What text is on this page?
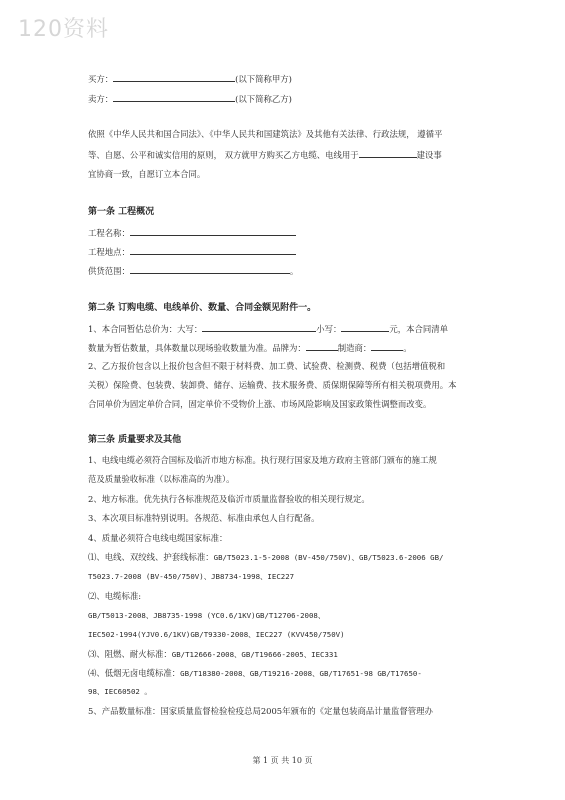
120资料
买方：	(以下简称甲方)
卖方：	(以下简称乙方)
依照《中华人民共和国合同法》、《中华人民共和国建筑法》及其他有关法律、行政法规， 遵循平
等、自愿、公平和诚实信用的原则， 双方就甲方购买乙方电缆、电线用于	建设事
宜协商一致，自愿订立本合同。
第一条 工程概况
工程名称：
工程地点：
供货范围：	。
第二条 订购电缆、电线单价、数量、合同金额见附件一。
1、本合同暂估总价为：大写：	小写：	元，本合同清单
数量为暂估数量，具体数量以现场验收数量为准。品牌为：	制造商：	。
2、乙方报价包含以上报价包含但不限于材料费、加工费、试验费、检测费、税费（包括增值税和
关税）保险费、包装费、装卸费、储存、运输费、技术服务费、质保期保障等所有相关税项费用。本
合同单价为固定单价合同，固定单价不受物价上涨、市场风险影响及国家政策性调整而改变。
第三条 质量要求及其他
1、电线电缆必须符合国标及临沂市地方标准。执行现行国家及地方政府主管部门颁布的施工规
范及质量验收标准（以标准高的为准）。
2、地方标准。优先执行各标准规范及临沂市质量监督验收的相关现行规定。
3、本次项目标准特别说明。各规范、标准由承包人自行配备。
4、质量必须符合电线电缆国家标准：
⑴、电线、双绞线、护套线标准：GB/T5023.1-5-2008 (BV-450/750V)、GB/T5023.6-2006 GB/
T5023.7-2008 (BV-450/750V)、JB8734-1998、IEC227
⑵、电缆标准:
GB/T5013-2008、JB8735-1998 (YC0.6/1KV)GB/T12706-2008、
IEC502-1994(YJV0.6/1KV)GB/T9330-2008、IEC227 (KVV450/750V)
⑶、阻燃、耐火标准：GB/T12666-2008、GB/T19666-2005、IEC331
⑷、低烟无卤电缆标准：GB/T18380-2008、GB/T19216-2008、GB/T17651-98 GB/T17650-
98、IEC60502 。
5、产品数量标准：国家质量监督检验检疫总局2005年颁布的《定量包装商品计量监督管理办
第 1 页 共 10 页
